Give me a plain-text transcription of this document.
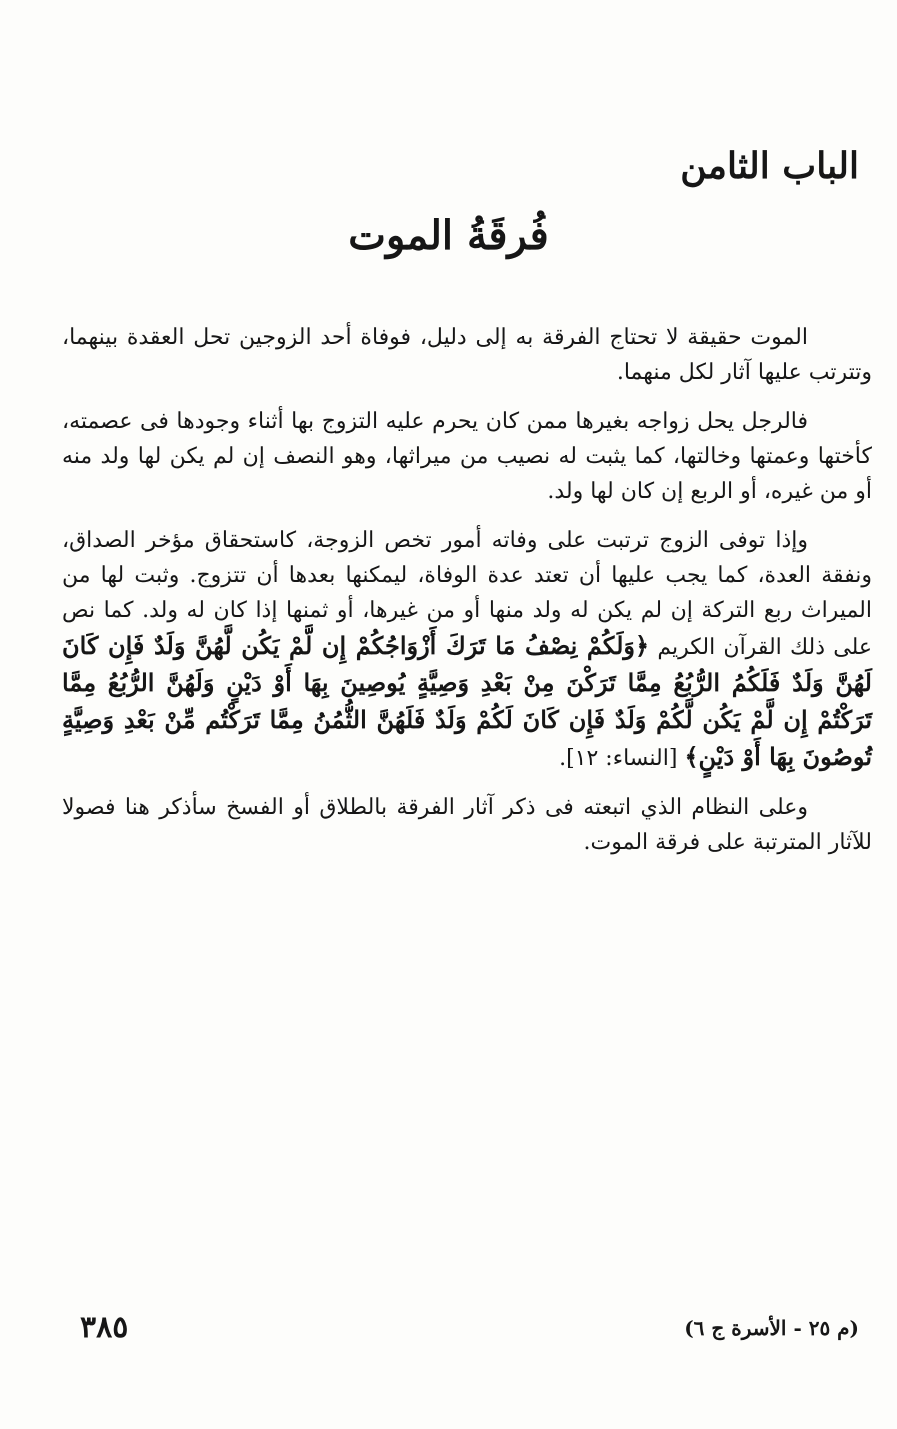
الباب الثامن
فُرقَةُ الموت

الموت حقيقة لا تحتاج الفرقة به إلى دليل، فوفاة أحد الزوجين تحل العقدة بينهما، وتترتب عليها آثار لكل منهما.

فالرجل يحل زواجه بغيرها ممن كان يحرم عليه التزوج بها أثناء وجودها فى عصمته، كأختها وعمتها وخالتها، كما يثبت له نصيب من ميراثها، وهو النصف إن لم يكن لها ولد منه أو من غيره، أو الربع إن كان لها ولد.

وإذا توفى الزوج ترتبت على وفاته أمور تخص الزوجة، كاستحقاق مؤخر الصداق، ونفقة العدة، كما يجب عليها أن تعتد عدة الوفاة، ليمكنها بعدها أن تتزوج. وثبت لها من الميراث ربع التركة إن لم يكن له ولد منها أو من غيرها، أو ثمنها إذا كان له ولد. كما نص على ذلك القرآن الكريم ﴿وَلَكُمْ نِصْفُ مَا تَرَكَ أَزْوَاجُكُمْ إِن لَّمْ يَكُن لَّهُنَّ وَلَدٌ فَإِن كَانَ لَهُنَّ وَلَدٌ فَلَكُمُ الرُّبُعُ مِمَّا تَرَكْنَ مِنْ بَعْدِ وَصِيَّةٍ يُوصِينَ بِهَا أَوْ دَيْنٍ وَلَهُنَّ الرُّبُعُ مِمَّا تَرَكْتُمْ إِن لَّمْ يَكُن لَّكُمْ وَلَدٌ فَإِن كَانَ لَكُمْ وَلَدٌ فَلَهُنَّ الثُّمُنُ مِمَّا تَرَكْتُم مِّنْ بَعْدِ وَصِيَّةٍ تُوصُونَ بِهَا أَوْ دَيْنٍ﴾ [النساء: ١٢].

وعلى النظام الذي اتبعته فى ذكر آثار الفرقة بالطلاق أو الفسخ سأذكر هنا فصولا للآثار المترتبة على فرقة الموت.

٣٨٥	(م ٢٥ - الأسرة ج ٦)
